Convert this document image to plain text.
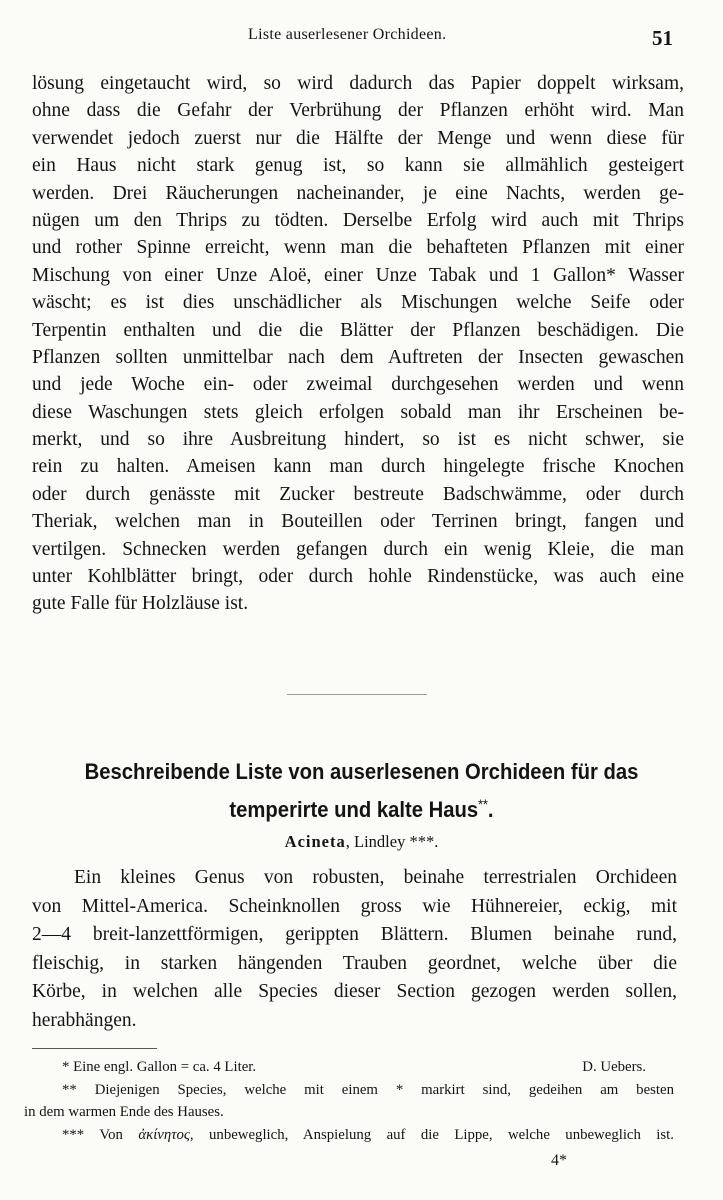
Liste auserlesener Orchideen.	51
lösung eingetaucht wird, so wird dadurch das Papier doppelt wirksam,
ohne dass die Gefahr der Verbrühung der Pflanzen erhöht wird. Man
verwendet jedoch zuerst nur die Hälfte der Menge und wenn diese für
ein Haus nicht stark genug ist, so kann sie allmählich gesteigert
werden. Drei Räucherungen nacheinander, je eine Nachts, werden ge-
nügen um den Thrips zu tödten. Derselbe Erfolg wird auch mit Thrips
und rother Spinne erreicht, wenn man die behafteten Pflanzen mit einer
Mischung von einer Unze Aloë, einer Unze Tabak und 1 Gallon* Wasser
wäscht; es ist dies unschädlicher als Mischungen welche Seife oder
Terpentin enthalten und die die Blätter der Pflanzen beschädigen. Die
Pflanzen sollten unmittelbar nach dem Auftreten der Insecten gewaschen
und jede Woche ein- oder zweimal durchgesehen werden und wenn
diese Waschungen stets gleich erfolgen sobald man ihr Erscheinen be-
merkt, und so ihre Ausbreitung hindert, so ist es nicht schwer, sie
rein zu halten. Ameisen kann man durch hingelegte frische Knochen
oder durch genässte mit Zucker bestreute Badschwämme, oder durch
Theriak, welchen man in Bouteillen oder Terrinen bringt, fangen und
vertilgen. Schnecken werden gefangen durch ein wenig Kleie, die man
unter Kohlblätter bringt, oder durch hohle Rindenstücke, was auch eine
gute Falle für Holzläuse ist.
Beschreibende Liste von auserlesenen Orchideen für das
temperirte und kalte Haus**.
Acineta, Lindley ***.
Ein kleines Genus von robusten, beinahe terrestrialen Orchideen
von Mittel-America. Scheinknollen gross wie Hühnereier, eckig, mit
2—4 breit-lanzettförmigen, gerippten Blättern. Blumen beinahe rund,
fleischig, in starken hängenden Trauben geordnet, welche über die
Körbe, in welchen alle Species dieser Section gezogen werden sollen,
herabhängen.
* Eine engl. Gallon = ca. 4 Liter.	D. Uebers.
** Diejenigen Species, welche mit einem * markirt sind, gedeihen am besten
in dem warmen Ende des Hauses.
*** Von ἀκίνητος, unbeweglich, Anspielung auf die Lippe, welche unbeweglich ist.
4*
